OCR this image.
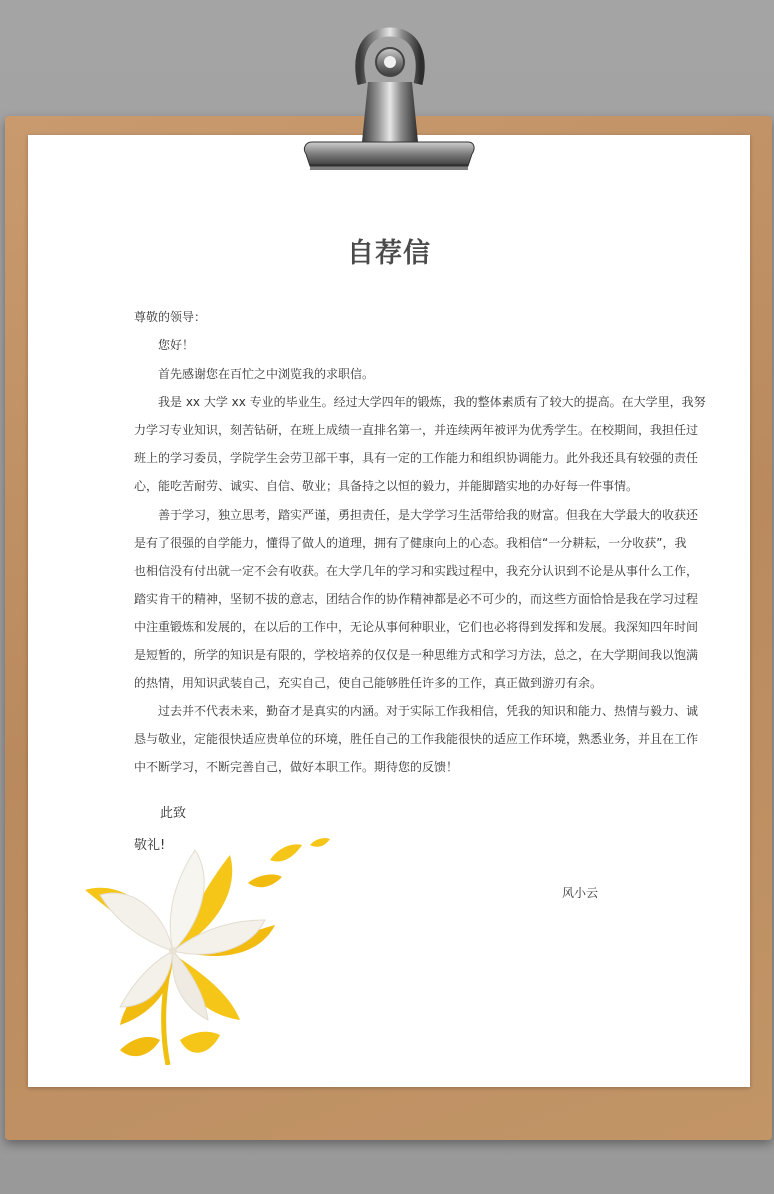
自荐信

尊敬的领导：

您好！

首先感谢您在百忙之中浏览我的求职信。

我是 xx 大学 xx 专业的毕业生。经过大学四年的锻炼，我的整体素质有了较大的提高。在大学里，我努

力学习专业知识，刻苦钻研，在班上成绩一直排名第一，并连续两年被评为优秀学生。在校期间，我担任过

班上的学习委员，学院学生会劳卫部干事，具有一定的工作能力和组织协调能力。此外我还具有较强的责任

心，能吃苦耐劳、诚实、自信、敬业；具备持之以恒的毅力，并能脚踏实地的办好每一件事情。

善于学习，独立思考，踏实严谨，勇担责任，是大学学习生活带给我的财富。但我在大学最大的收获还

是有了很强的自学能力，懂得了做人的道理，拥有了健康向上的心态。我相信“一分耕耘，一分收获”，我

也相信没有付出就一定不会有收获。在大学几年的学习和实践过程中，我充分认识到不论是从事什么工作，

踏实肯干的精神，坚韧不拔的意志，团结合作的协作精神都是必不可少的，而这些方面恰恰是我在学习过程

中注重锻炼和发展的，在以后的工作中，无论从事何种职业，它们也必将得到发挥和发展。我深知四年时间

是短暂的，所学的知识是有限的，学校培养的仅仅是一种思维方式和学习方法，总之，在大学期间我以饱满

的热情，用知识武装自己，充实自己，使自己能够胜任许多的工作，真正做到游刃有余。

过去并不代表未来，勤奋才是真实的内涵。对于实际工作我相信，凭我的知识和能力、热情与毅力、诚

恳与敬业，定能很快适应贵单位的环境，胜任自己的工作我能很快的适应工作环境，熟悉业务，并且在工作

中不断学习，不断完善自己，做好本职工作。期待您的反馈！

此致

敬礼!

风小云
